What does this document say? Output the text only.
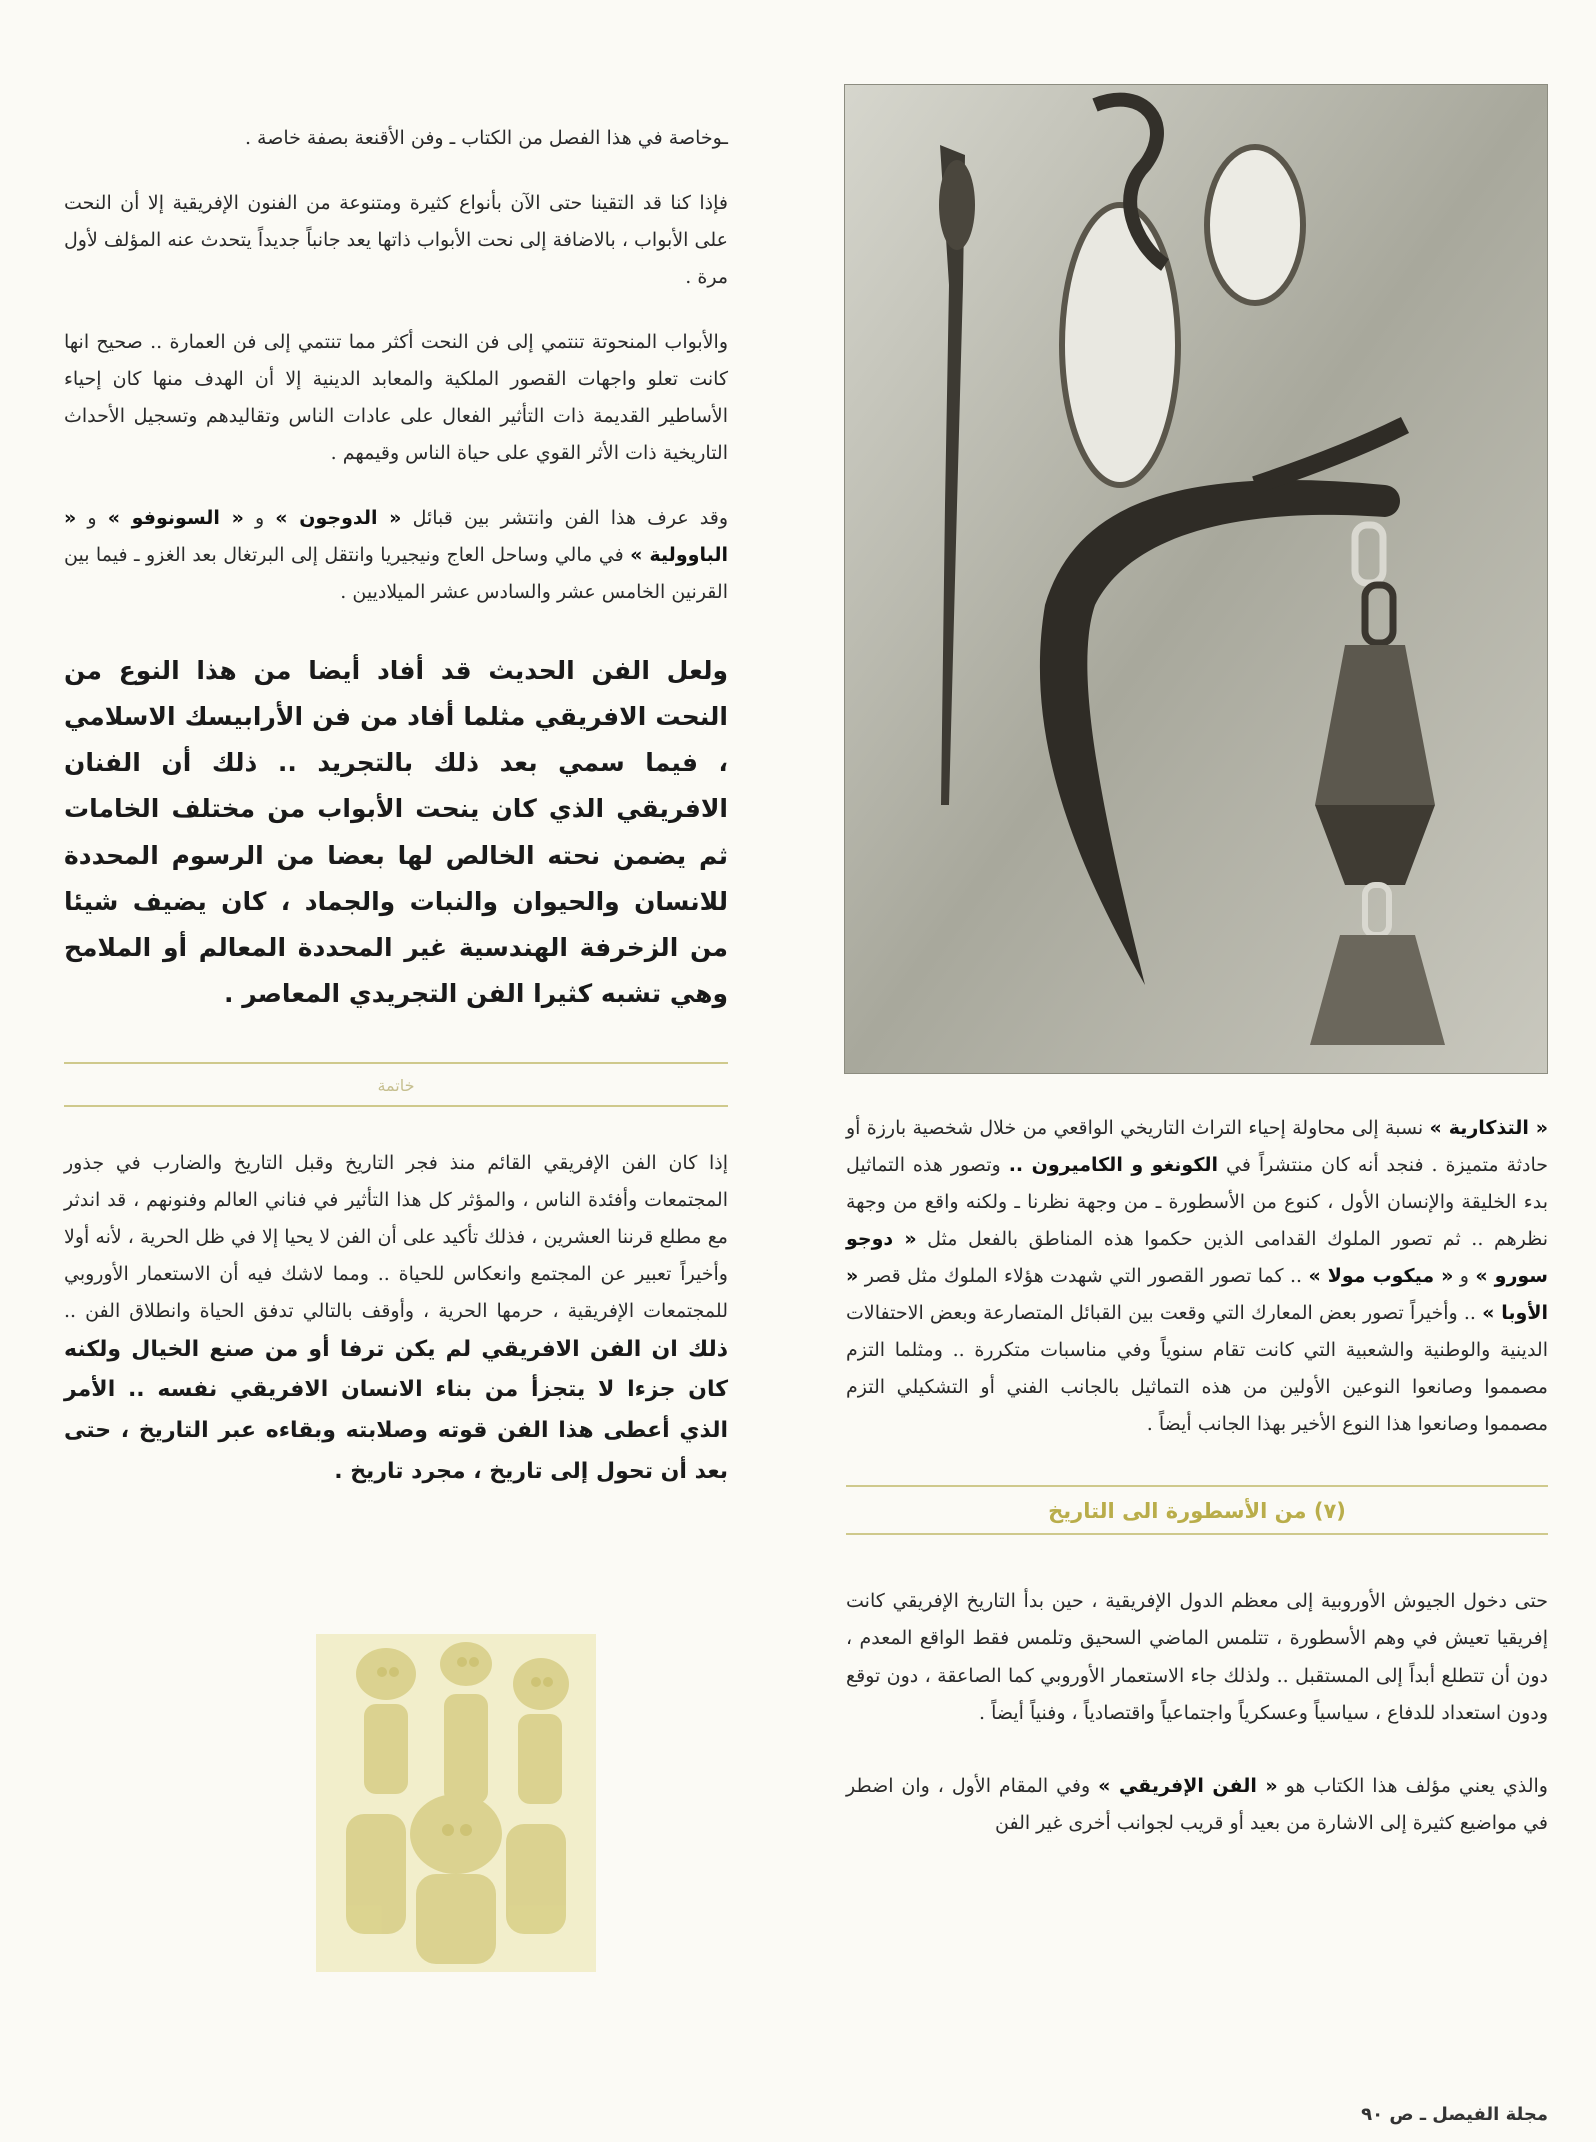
« التذكارية » نسبة إلى محاولة إحياء التراث التاريخي الواقعي من خلال شخصية بارزة أو حادثة متميزة . فنجد أنه كان منتشراً في الكونغو و الكاميرون .. وتصور هذه التماثيل بدء الخليقة والإنسان الأول ، كنوع من الأسطورة ـ من وجهة نظرنا ـ ولكنه واقع من وجهة نظرهم .. ثم تصور الملوك القدامى الذين حكموا هذه المناطق بالفعل مثل « دوجو سورو » و « ميكوب مولا » .. كما تصور القصور التي شهدت هؤلاء الملوك مثل قصر « الأوبا » .. وأخيراً تصور بعض المعارك التي وقعت بين القبائل المتصارعة وبعض الاحتفالات الدينية والوطنية والشعبية التي كانت تقام سنوياً وفي مناسبات متكررة .. ومثلما التزم مصمموا وصانعوا النوعين الأولين من هذه التماثيل بالجانب الفني أو التشكيلي التزم مصمموا وصانعوا هذا النوع الأخير بهذا الجانب أيضاً .

(٧) من الأسطورة الى التاريخ

حتى دخول الجيوش الأوروبية إلى معظم الدول الإفريقية ، حين بدأ التاريخ الإفريقي كانت إفريقيا تعيش في وهم الأسطورة ، تتلمس الماضي السحيق وتلمس فقط الواقع المعدم ، دون أن تتطلع أبداً إلى المستقبل .. ولذلك جاء الاستعمار الأوروبي كما الصاعقة ، دون توقع ودون استعداد للدفاع ، سياسياً وعسكرياً واجتماعياً واقتصادياً ، وفنياً أيضاً .

والذي يعني مؤلف هذا الكتاب هو « الفن الإفريقي » وفي المقام الأول ، وان اضطر في مواضيع كثيرة إلى الاشارة من بعيد أو قريب لجوانب أخرى غير الفن

ـوخاصة في هذا الفصل من الكتاب ـ وفن الأقنعة بصفة خاصة .

فإذا كنا قد التقينا حتى الآن بأنواع كثيرة ومتنوعة من الفنون الإفريقية إلا أن النحت على الأبواب ، بالاضافة إلى نحت الأبواب ذاتها يعد جانباً جديداً يتحدث عنه المؤلف لأول مرة .

والأبواب المنحوتة تنتمي إلى فن النحت أكثر مما تنتمي إلى فن العمارة .. صحيح انها كانت تعلو واجهات القصور الملكية والمعابد الدينية إلا أن الهدف منها كان إحياء الأساطير القديمة ذات التأثير الفعال على عادات الناس وتقاليدهم وتسجيل الأحداث التاريخية ذات الأثر القوي على حياة الناس وقيمهم .

وقد عرف هذا الفن وانتشر بين قبائل « الدوجون » و « السونوفو » و « الباوولية » في مالي وساحل العاج ونيجيريا وانتقل إلى البرتغال بعد الغزو ـ فيما بين القرنين الخامس عشر والسادس عشر الميلاديين .

ولعل الفن الحديث قد أفاد أيضا من هذا النوع من النحت الافريقي مثلما أفاد من فن الأرابيسك الاسلامي ، فيما سمي بعد ذلك بالتجريد .. ذلك أن الفنان الافريقي الذي كان ينحت الأبواب من مختلف الخامات ثم يضمن نحته الخالص لها بعضا من الرسوم المحددة للانسان والحيوان والنبات والجماد ، كان يضيف شيئا من الزخرفة الهندسية غير المحددة المعالم أو الملامح وهي تشبه كثيرا الفن التجريدي المعاصر .

خاتمة

إذا كان الفن الإفريقي القائم منذ فجر التاريخ وقبل التاريخ والضارب في جذور المجتمعات وأفئدة الناس ، والمؤثر كل هذا التأثير في فناني العالم وفنونهم ، قد اندثر مع مطلع قرننا العشرين ، فذلك تأكيد على أن الفن لا يحيا إلا في ظل الحرية ، لأنه أولا وأخيراً تعبير عن المجتمع وانعكاس للحياة .. ومما لاشك فيه أن الاستعمار الأوروبي للمجتمعات الإفريقية ، حرمها الحرية ، وأوقف بالتالي تدفق الحياة وانطلاق الفن .. ذلك ان الفن الافريقي لم يكن ترفا أو من صنع الخيال ولكنه كان جزءا لا يتجزأ من بناء الانسان الافريقي نفسه .. الأمر الذي أعطى هذا الفن قوته وصلابته وبقاءه عبر التاريخ ، حتى بعد أن تحول إلى تاريخ ، مجرد تاريخ .

مجلة الفيصل ـ ص ٩٠
